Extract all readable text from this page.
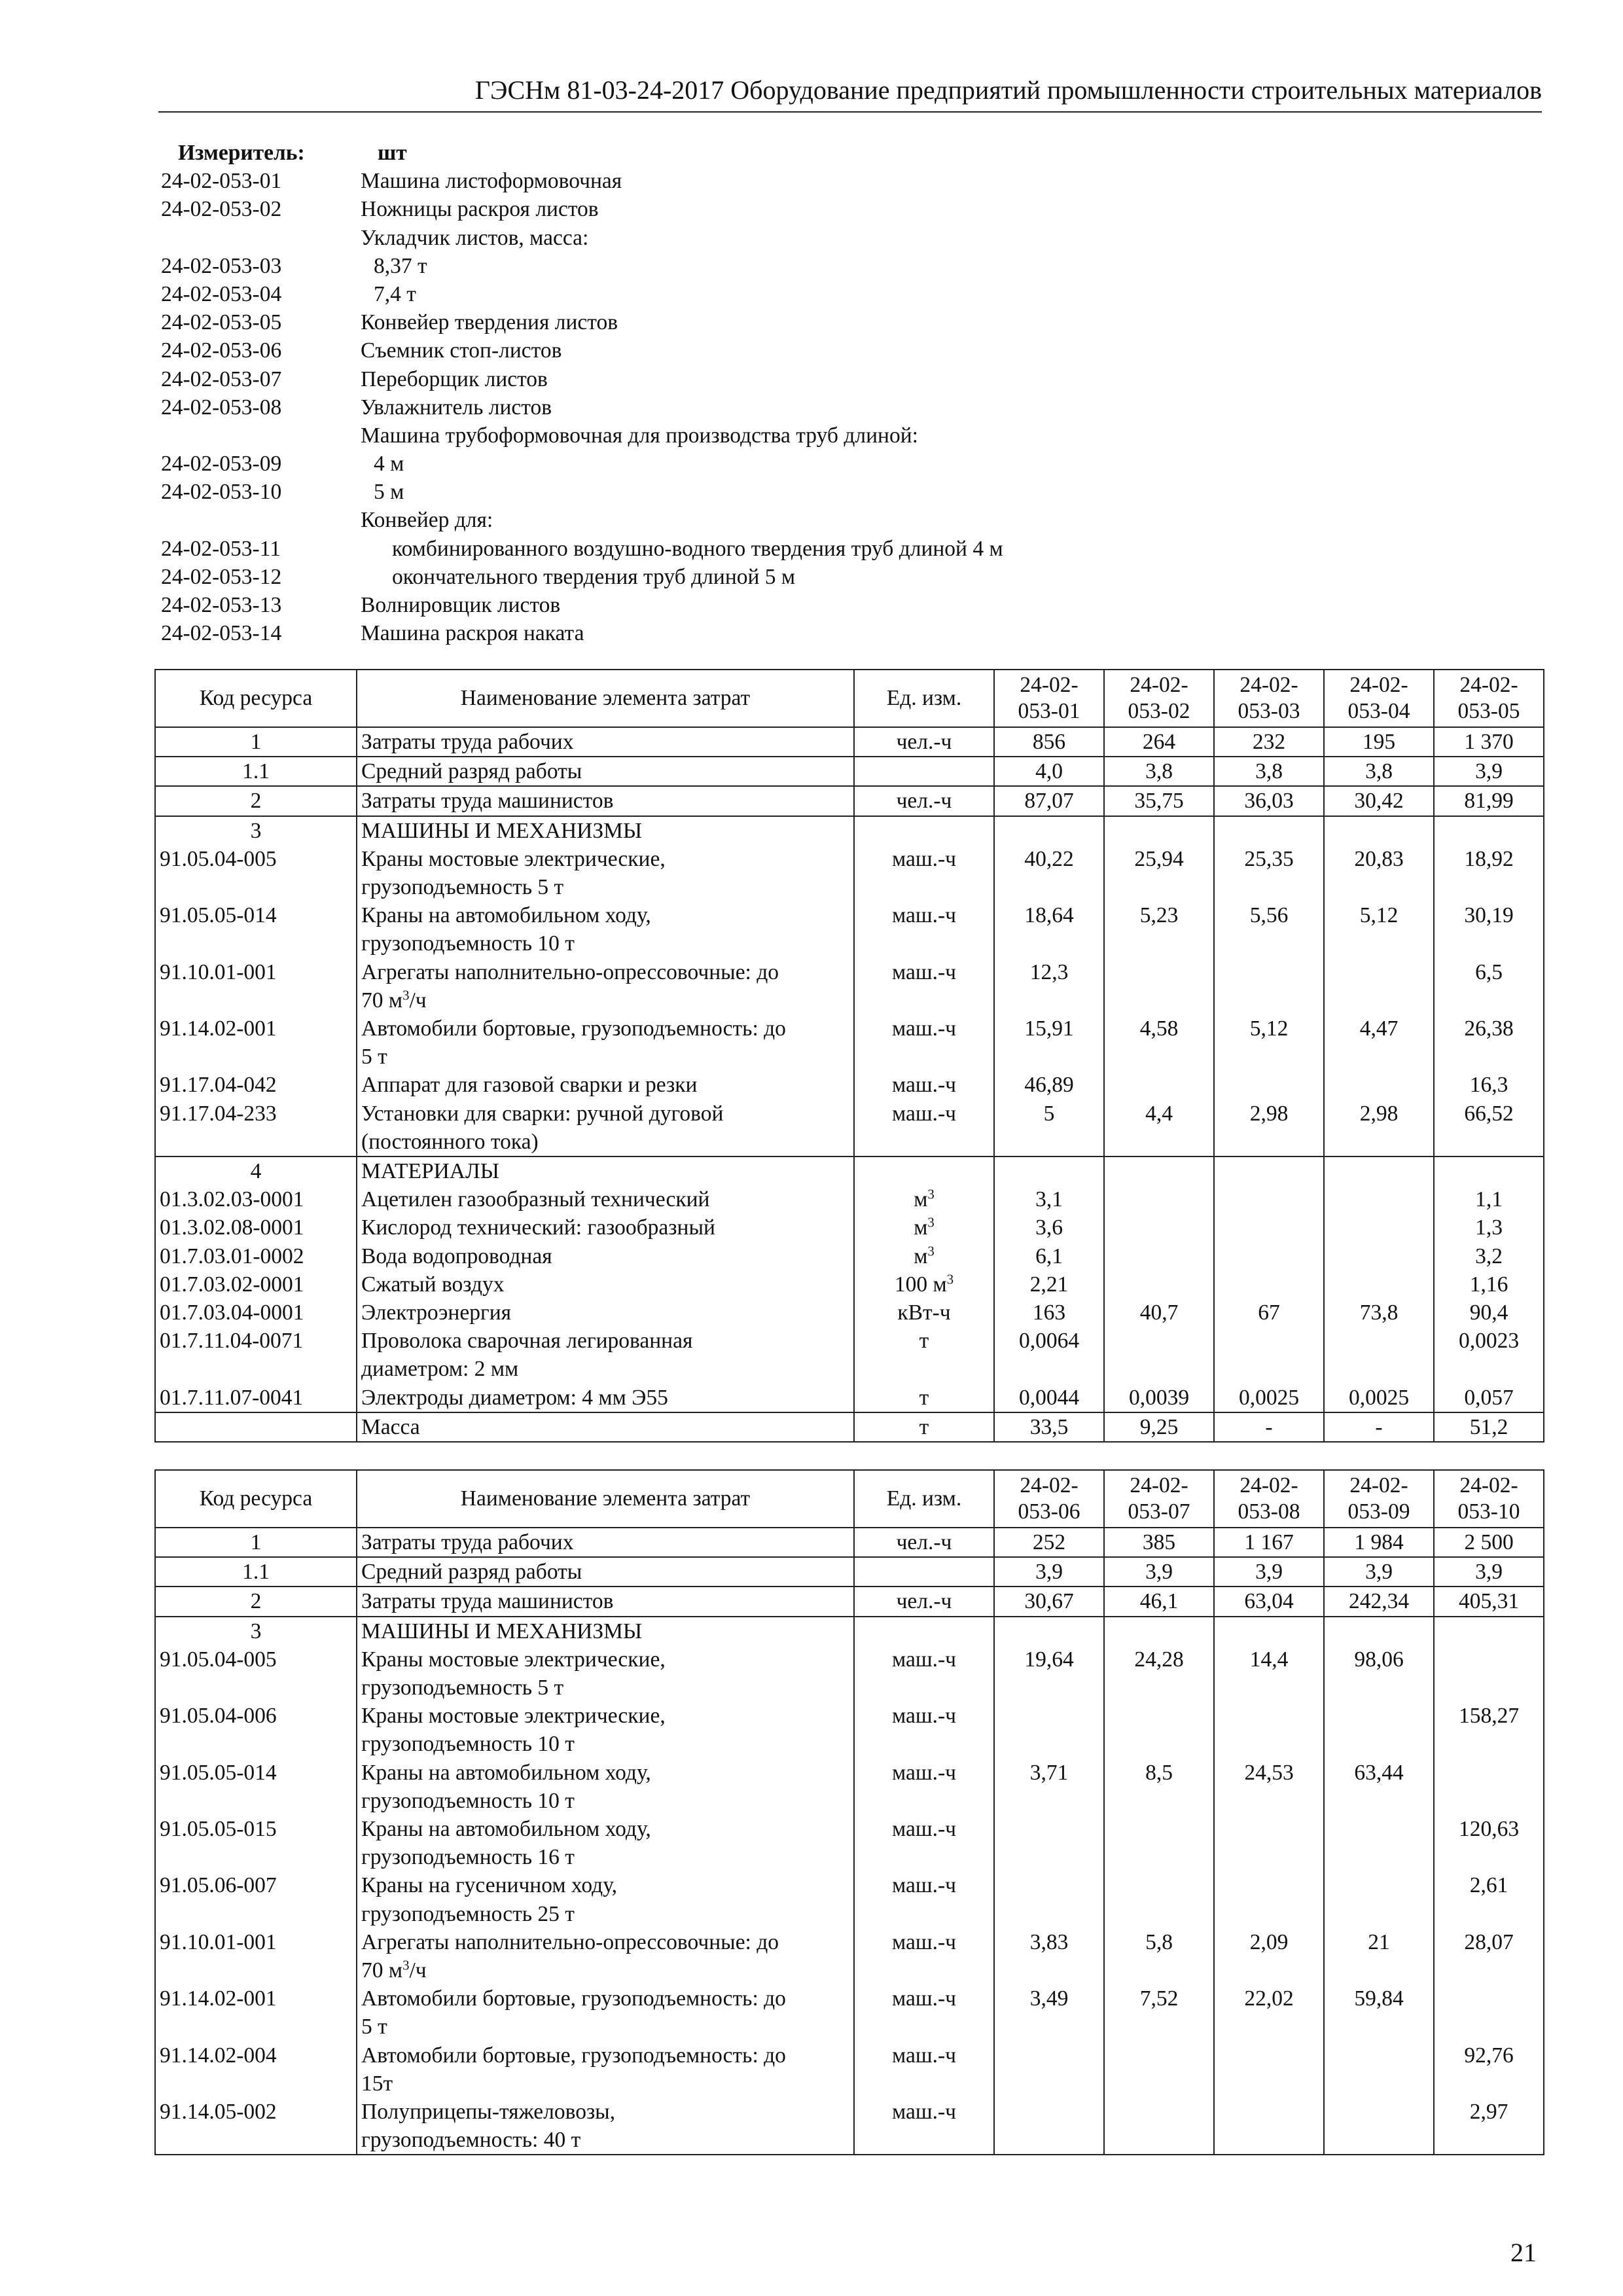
ГЭСНм 81-03-24-2017 Оборудование предприятий промышленности строительных материалов
Измеритель:	шт
24-02-053-01	Машина листоформовочная
24-02-053-02	Ножницы раскроя листов
Укладчик листов, масса:
24-02-053-03	8,37 т
24-02-053-04	7,4 т
24-02-053-05	Конвейер твердения листов
24-02-053-06	Съемник стоп-листов
24-02-053-07	Переборщик листов
24-02-053-08	Увлажнитель листов
Машина трубоформовочная для производства труб длиной:
24-02-053-09	4 м
24-02-053-10	5 м
Конвейер для:
24-02-053-11	комбинированного воздушно-водного твердения труб длиной 4 м
24-02-053-12	окончательного твердения труб длиной 5 м
24-02-053-13	Волнировщик листов
24-02-053-14	Машина раскроя наката
Код ресурса	Наименование элемента затрат	Ед. изм.	24-02-
053-01	24-02-
053-02	24-02-
053-03	24-02-
053-04	24-02-
053-05
1	Затраты труда рабочих	чел.-ч	856	264	232	195	1 370
1.1	Средний разряд работы		4,0	3,8	3,8	3,8	3,9
2	Затраты труда машинистов	чел.-ч	87,07	35,75	36,03	30,42	81,99
3	МАШИНЫ И МЕХАНИЗМЫ						
91.05.04-005	Краны мостовые электрические,
грузоподъемность 5 т	маш.-ч	40,22	25,94	25,35	20,83	18,92
91.05.05-014	Краны на автомобильном ходу,
грузоподъемность 10 т	маш.-ч	18,64	5,23	5,56	5,12	30,19
91.10.01-001	Агрегаты наполнительно-опрессовочные: до
70 $м^3/ч$	маш.-ч	12,3				6,5
91.14.02-001	Автомобили бортовые, грузоподъемность: до
5 т	маш.-ч	15,91	4,58	5,12	4,47	26,38
91.17.04-042	Аппарат для газовой сварки и резки	маш.-ч	46,89				16,3
91.17.04-233	Установки для сварки: ручной дуговой
(постоянного тока)	маш.-ч	5	4,4	2,98	2,98	66,52
4	МАТЕРИАЛЫ						
01.3.02.03-0001	Ацетилен газообразный технический	$м^3$	3,1				1,1
01.3.02.08-0001	Кислород технический: газообразный	$м^3$	3,6				1,3
01.7.03.01-0002	Вода водопроводная	$м^3$	6,1				3,2
01.7.03.02-0001	Сжатый воздух	100 $м^3$	2,21				1,16
01.7.03.04-0001	Электроэнергия	кВт-ч	163	40,7	67	73,8	90,4
01.7.11.04-0071	Проволока сварочная легированная
диаметром: 2 мм	т	0,0064				0,0023
01.7.11.07-0041	Электроды диаметром: 4 мм Э55	т	0,0044	0,0039	0,0025	0,0025	0,057
	Масса	т	33,5	9,25	-	-	51,2
Код ресурса	Наименование элемента затрат	Ед. изм.	24-02-
053-06	24-02-
053-07	24-02-
053-08	24-02-
053-09	24-02-
053-10
1	Затраты труда рабочих	чел.-ч	252	385	1 167	1 984	2 500
1.1	Средний разряд работы		3,9	3,9	3,9	3,9	3,9
2	Затраты труда машинистов	чел.-ч	30,67	46,1	63,04	242,34	405,31
3	МАШИНЫ И МЕХАНИЗМЫ						
91.05.04-005	Краны мостовые электрические,
грузоподъемность 5 т	маш.-ч	19,64	24,28	14,4	98,06	
91.05.04-006	Краны мостовые электрические,
грузоподъемность 10 т	маш.-ч					158,27
91.05.05-014	Краны на автомобильном ходу,
грузоподъемность 10 т	маш.-ч	3,71	8,5	24,53	63,44	
91.05.05-015	Краны на автомобильном ходу,
грузоподъемность 16 т	маш.-ч					120,63
91.05.06-007	Краны на гусеничном ходу,
грузоподъемность 25 т	маш.-ч					2,61
91.10.01-001	Агрегаты наполнительно-опрессовочные: до
70 $м^3/ч$	маш.-ч	3,83	5,8	2,09	21	28,07
91.14.02-001	Автомобили бортовые, грузоподъемность: до
5 т	маш.-ч	3,49	7,52	22,02	59,84	
91.14.02-004	Автомобили бортовые, грузоподъемность: до
15т	маш.-ч					92,76
91.14.05-002	Полуприцепы-тяжеловозы,
грузоподъемность: 40 т	маш.-ч					2,97
21
